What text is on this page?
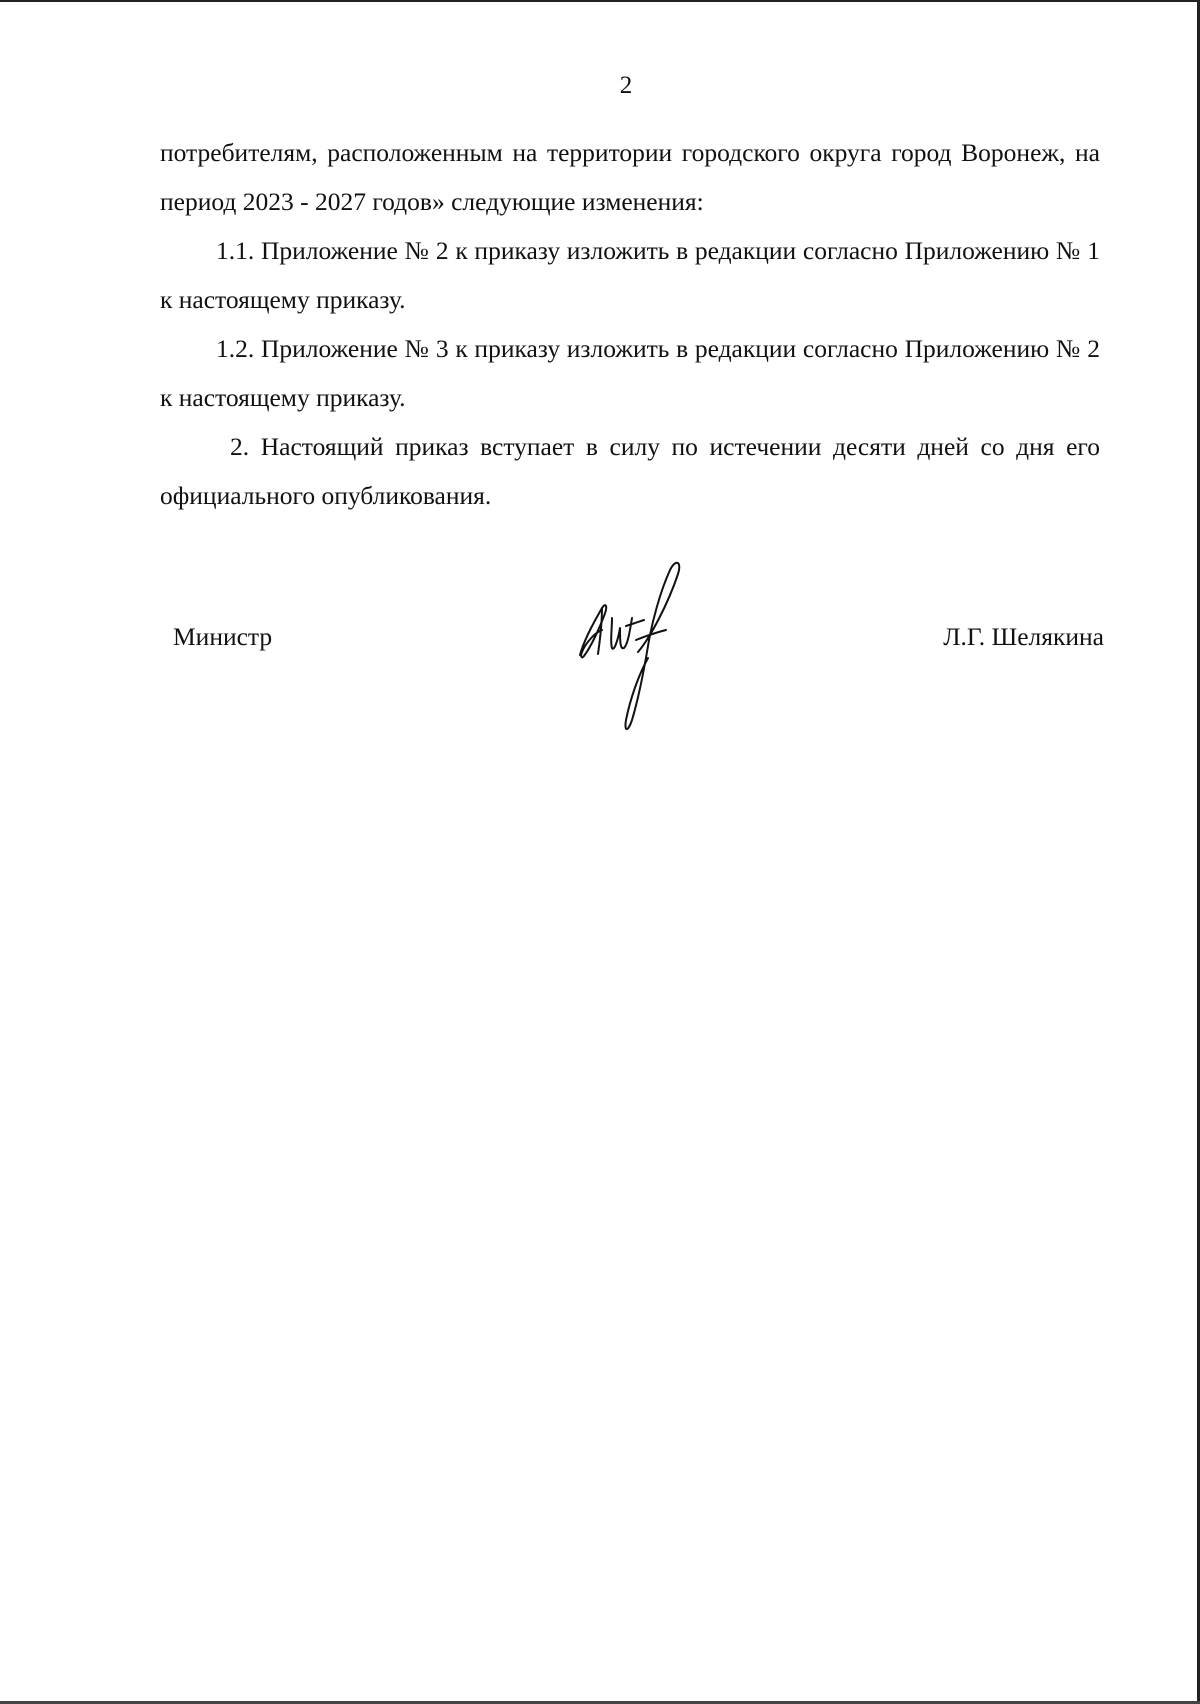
2

потребителям, расположенным на территории городского округа город Воронеж, на период 2023 - 2027 годов» следующие изменения:

1.1. Приложение № 2 к приказу изложить в редакции согласно Приложению № 1 к настоящему приказу.

1.2. Приложение № 3 к приказу изложить в редакции согласно Приложению № 2 к настоящему приказу.

2. Настоящий приказ вступает в силу по истечении десяти дней со дня его официального опубликования.

Министр	Л.Г. Шелякина
